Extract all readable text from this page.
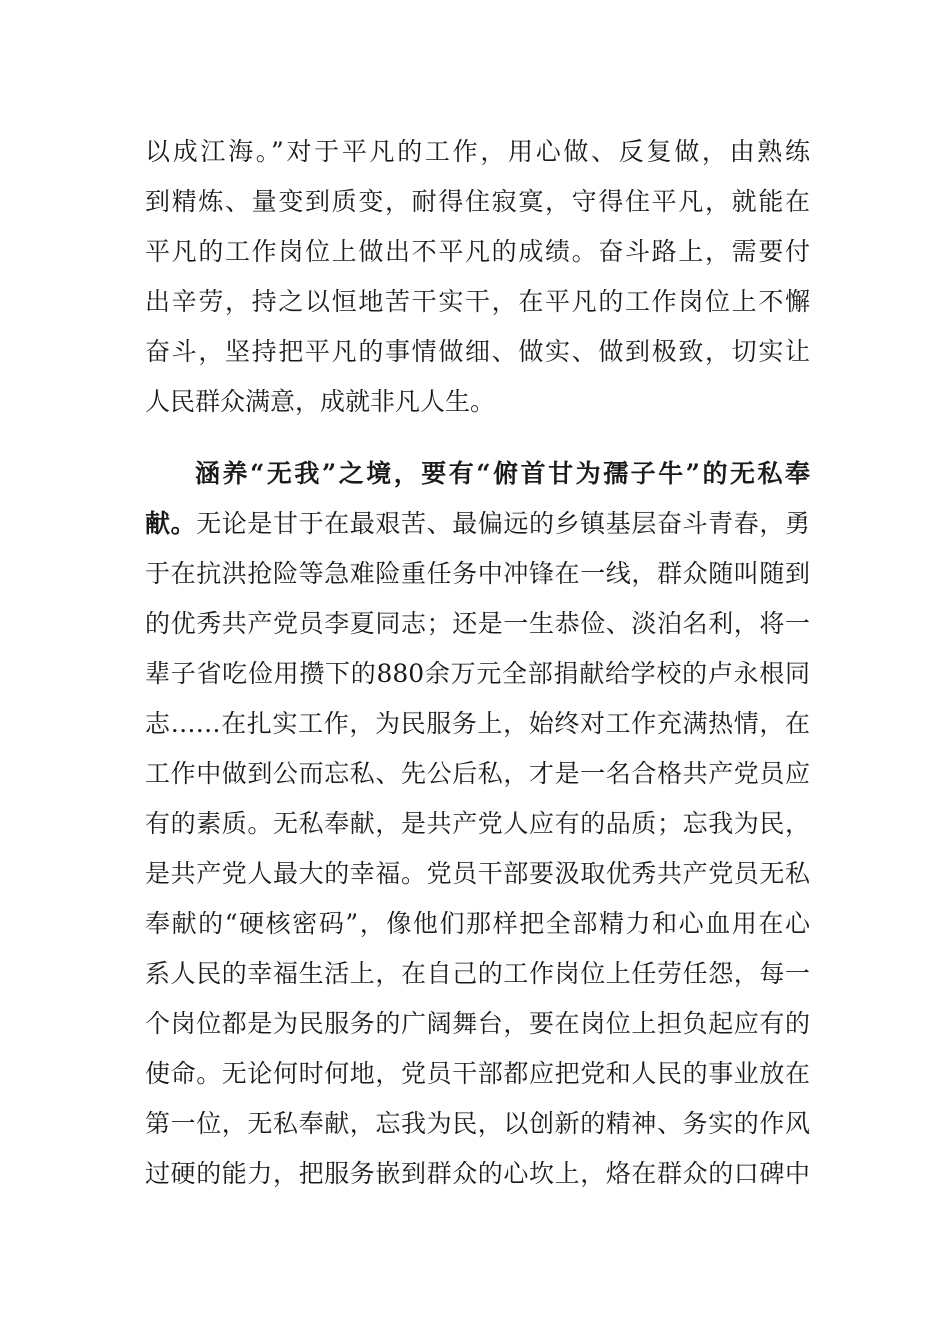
以成江海。”对于平凡的工作，用心做、反复做，由熟练
到精炼、量变到质变，耐得住寂寞，守得住平凡，就能在
平凡的工作岗位上做出不平凡的成绩。奋斗路上，需要付
出辛劳，持之以恒地苦干实干，在平凡的工作岗位上不懈
奋斗，坚持把平凡的事情做细、做实、做到极致，切实让
人民群众满意，成就非凡人生。
涵养“无我”之境，要有“俯首甘为孺子牛”的无私奉
献。无论是甘于在最艰苦、最偏远的乡镇基层奋斗青春，勇
于在抗洪抢险等急难险重任务中冲锋在一线，群众随叫随到
的优秀共产党员李夏同志；还是一生恭俭、淡泊名利，将一
辈子省吃俭用攒下的880余万元全部捐献给学校的卢永根同
志……在扎实工作，为民服务上，始终对工作充满热情，在
工作中做到公而忘私、先公后私，才是一名合格共产党员应
有的素质。无私奉献，是共产党人应有的品质；忘我为民，
是共产党人最大的幸福。党员干部要汲取优秀共产党员无私
奉献的“硬核密码”，像他们那样把全部精力和心血用在心
系人民的幸福生活上，在自己的工作岗位上任劳任怨，每一
个岗位都是为民服务的广阔舞台，要在岗位上担负起应有的
使命。无论何时何地，党员干部都应把党和人民的事业放在
第一位，无私奉献，忘我为民，以创新的精神、务实的作风
过硬的能力，把服务嵌到群众的心坎上，烙在群众的口碑中
